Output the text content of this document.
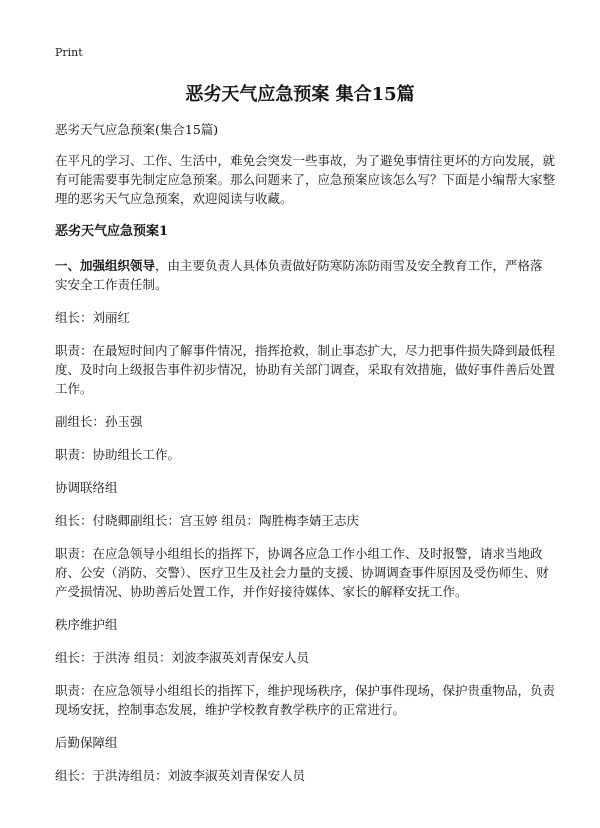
Print
恶劣天气应急预案 集合15篇

恶劣天气应急预案(集合15篇)

在平凡的学习、工作、生活中，难免会突发一些事故，为了避免事情往更坏的方向发展，就有可能需要事先制定应急预案。那么问题来了，应急预案应该怎么写？下面是小编帮大家整理的恶劣天气应急预案，欢迎阅读与收藏。

恶劣天气应急预案1

一、加强组织领导，由主要负责人具体负责做好防寒防冻防雨雪及安全教育工作，严格落实安全工作责任制。

组长：刘丽红

职责：在最短时间内了解事件情况，指挥抢救，制止事态扩大，尽力把事件损失降到最低程度、及时向上级报告事件初步情况，协助有关部门调查，采取有效措施，做好事件善后处置工作。

副组长：孙玉强

职责：协助组长工作。

协调联络组

组长：付晓卿副组长：宫玉婷 组员：陶胜梅李婧王志庆

职责：在应急领导小组组长的指挥下，协调各应急工作小组工作、及时报警，请求当地政府、公安（消防、交警）、医疗卫生及社会力量的支援、协调调查事件原因及受伤师生、财产受损情况、协助善后处置工作，并作好接待媒体、家长的解释安抚工作。

秩序维护组

组长：于洪涛 组员：刘波李淑英刘青保安人员

职责：在应急领导小组组长的指挥下，维护现场秩序，保护事件现场，保护贵重物品，负责现场安抚，控制事态发展，维护学校教育教学秩序的正常进行。

后勤保障组

组长：于洪涛组员：刘波李淑英刘青保安人员
